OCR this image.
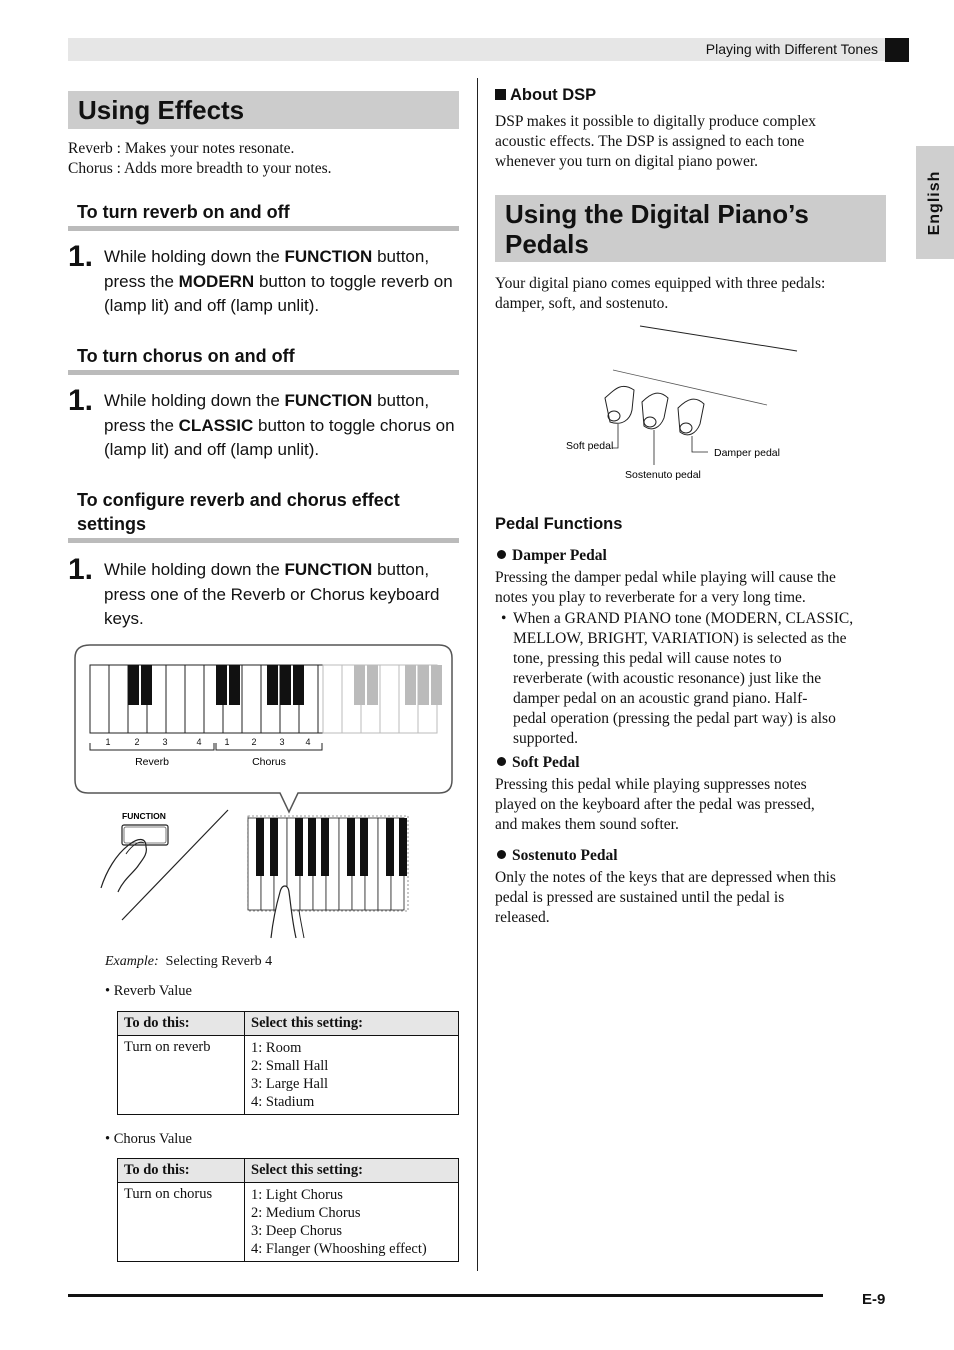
Playing with Different Tones
English
Using Effects
Reverb : Makes your notes resonate.
Chorus : Adds more breadth to your notes.
To turn reverb on and off
1. While holding down the FUNCTION button, press the MODERN button to toggle reverb on (lamp lit) and off (lamp unlit).
To turn chorus on and off
1. While holding down the FUNCTION button, press the CLASSIC button to toggle chorus on (lamp lit) and off (lamp unlit).
To configure reverb and chorus effect
settings
1. While holding down the FUNCTION button, press one of the Reverb or Chorus keyboard keys.
1	2	3	4	1 2	3 4
Reverb	Chorus
FUNCTION
Example: Selecting Reverb 4
• Reverb Value
To do this:	Select this setting:
Turn on reverb	1: Room
2: Small Hall
3: Large Hall
4: Stadium
• Chorus Value
To do this:	Select this setting:
Turn on chorus	1: Light Chorus
2: Medium Chorus
3: Deep Chorus
4: Flanger (Whooshing effect)
About DSP
DSP makes it possible to digitally produce complex
acoustic effects. The DSP is assigned to each tone
whenever you turn on digital piano power.
Using the Digital Piano’s
Pedals
Your digital piano comes equipped with three pedals:
damper, soft, and sostenuto.
Soft pedal
Sostenuto pedal
Damper pedal
Pedal Functions
Damper Pedal
Pressing the damper pedal while playing will cause the
notes you play to reverberate for a very long time.
• When a GRAND PIANO tone (MODERN, CLASSIC,
MELLOW, BRIGHT, VARIATION) is selected as the
tone, pressing this pedal will cause notes to
reverberate (with acoustic resonance) just like the
damper pedal on an acoustic grand piano. Half-
pedal operation (pressing the pedal part way) is also
supported.
Soft Pedal
Pressing this pedal while playing suppresses notes
played on the keyboard after the pedal was pressed,
and makes them sound softer.
Sostenuto Pedal
Only the notes of the keys that are depressed when this
pedal is pressed are sustained until the pedal is
released.
E-9
